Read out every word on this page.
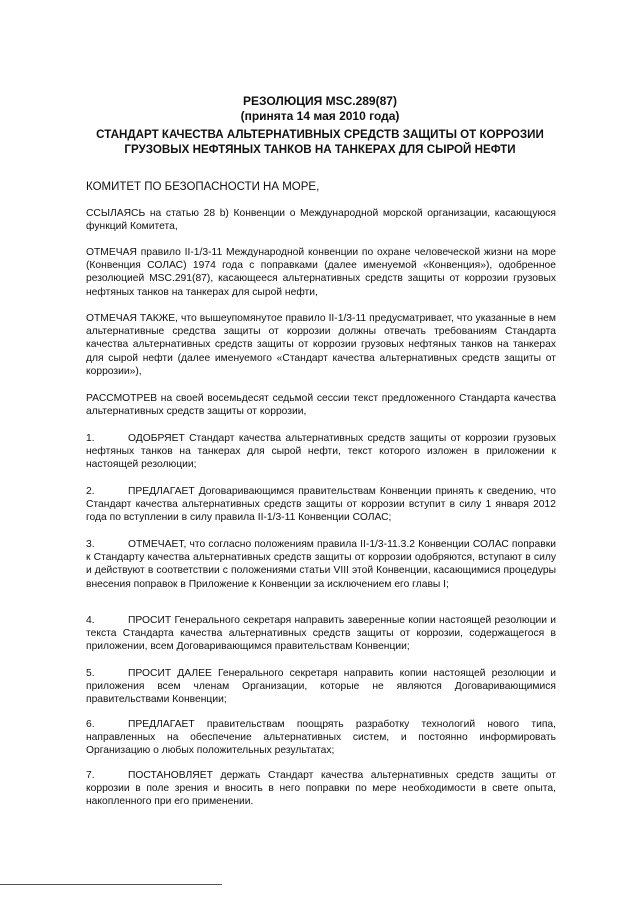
РЕЗОЛЮЦИЯ MSC.289(87)
(принята 14 мая 2010 года)
СТАНДАРТ КАЧЕСТВА АЛЬТЕРНАТИВНЫХ СРЕДСТВ ЗАЩИТЫ ОТ КОРРОЗИИ
ГРУЗОВЫХ НЕФТЯНЫХ ТАНКОВ НА ТАНКЕРАХ ДЛЯ СЫРОЙ НЕФТИ
КОМИТЕТ ПО БЕЗОПАСНОСТИ НА МОРЕ,
ССЫЛАЯСЬ на статью 28 b) Конвенции о Международной морской организации, касающуюся функций Комитета,
ОТМЕЧАЯ правило II-1/3-11 Международной конвенции по охране человеческой жизни на море (Конвенция СОЛАС) 1974 года с поправками (далее именуемой «Конвенция»), одобренное резолюцией MSC.291(87), касающееся альтернативных средств защиты от коррозии грузовых нефтяных танков на танкерах для сырой нефти,
ОТМЕЧАЯ ТАКЖЕ, что вышеупомянутое правило II-1/3-11 предусматривает, что указанные в нем альтернативные средства защиты от коррозии должны отвечать требованиям Стандарта качества альтернативных средств защиты от коррозии грузовых нефтяных танков на танкерах для сырой нефти (далее именуемого «Стандарт качества альтернативных средств защиты от коррозии»),
РАССМОТРЕВ на своей восемьдесят седьмой сессии текст предложенного Стандарта качества альтернативных средств защиты от коррозии,
1.	ОДОБРЯЕТ Стандарт качества альтернативных средств защиты от коррозии грузовых нефтяных танков на танкерах для сырой нефти, текст которого изложен в приложении к настоящей резолюции;
2.	ПРЕДЛАГАЕТ Договаривающимся правительствам Конвенции принять к сведению, что Стандарт качества альтернативных средств защиты от коррозии вступит в силу 1 января 2012 года по вступлении в силу правила II-1/3-11 Конвенции СОЛАС;
3.	ОТМЕЧАЕТ, что согласно положениям правила II-1/3-11.3.2 Конвенции СОЛАС поправки к Стандарту качества альтернативных средств защиты от коррозии одобряются, вступают в силу и действуют в соответствии с положениями статьи VIII этой Конвенции, касающимися процедуры внесения поправок в Приложение к Конвенции за исключением его главы I;
4.	ПРОСИТ Генерального секретаря направить заверенные копии настоящей резолюции и текста Стандарта качества альтернативных средств защиты от коррозии, содержащегося в приложении, всем Договаривающимся правительствам Конвенции;
5.	ПРОСИТ ДАЛЕЕ Генерального секретаря направить копии настоящей резолюции и приложения всем членам Организации, которые не являются Договаривающимися правительствами Конвенции;
6.	ПРЕДЛАГАЕТ правительствам поощрять разработку технологий нового типа, направленных на обеспечение альтернативных систем, и постоянно информировать Организацию о любых положительных результатах;
7.	ПОСТАНОВЛЯЕТ держать Стандарт качества альтернативных средств защиты от коррозии в поле зрения и вносить в него поправки по мере необходимости в свете опыта, накопленного при его применении.
